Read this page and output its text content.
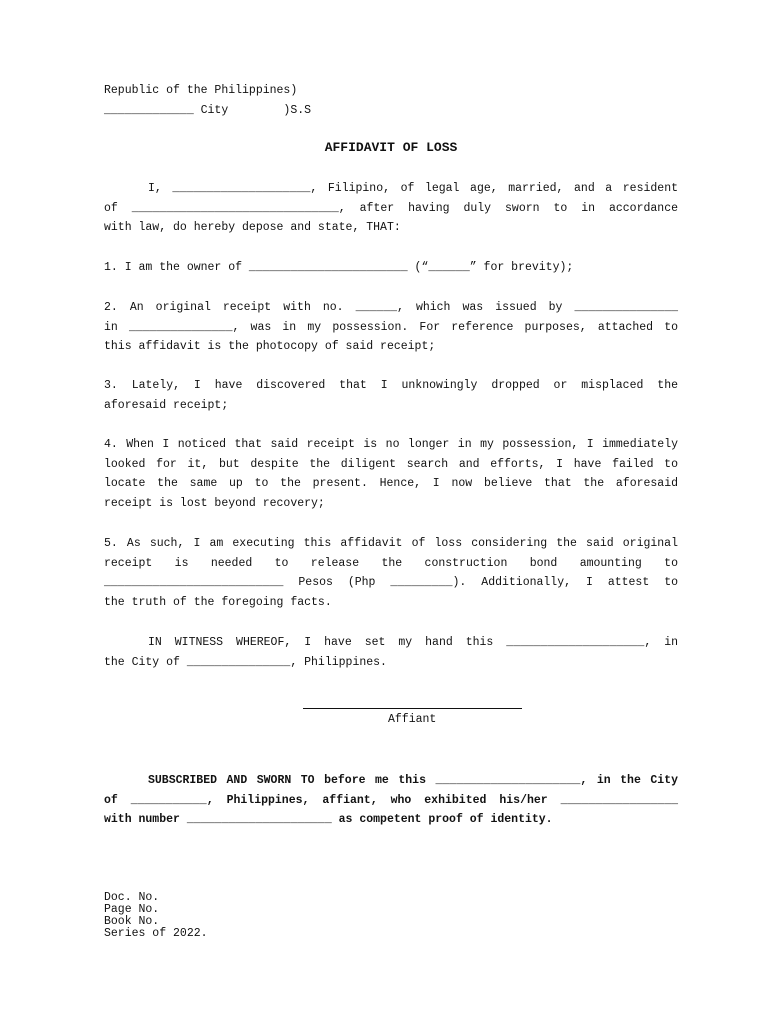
Republic of the Philippines)
_____________ City        )S.S
AFFIDAVIT OF LOSS
I, ____________________, Filipino, of legal age, married, and a resident
of ______________________________, after having duly sworn to in accordance
with law, do hereby depose and state, THAT:
1. I am the owner of _______________________ (“______” for brevity);
2. An original receipt with no. ______, which was issued by _______________
in _______________, was in my possession. For reference purposes, attached to
this affidavit is the photocopy of said receipt;
3. Lately, I have discovered that I unknowingly dropped or misplaced the
aforesaid receipt;
4. When I noticed that said receipt is no longer in my possession, I immediately
looked for it, but despite the diligent search and efforts, I have failed to
locate the same up to the present. Hence, I now believe that the aforesaid
receipt is lost beyond recovery;
5. As such, I am executing this affidavit of loss considering the said original
receipt is needed to release the construction bond amounting to
__________________________ Pesos (Php _________). Additionally, I attest to
the truth of the foregoing facts.
IN WITNESS WHEREOF, I have set my hand this ____________________, in
the City of _______________, Philippines.
Affiant
SUBSCRIBED AND SWORN TO before me this _____________________, in the City
of ___________, Philippines, affiant, who exhibited his/her _________________
with number _____________________ as competent proof of identity.
Doc. No.
Page No.
Book No.
Series of 2022.
